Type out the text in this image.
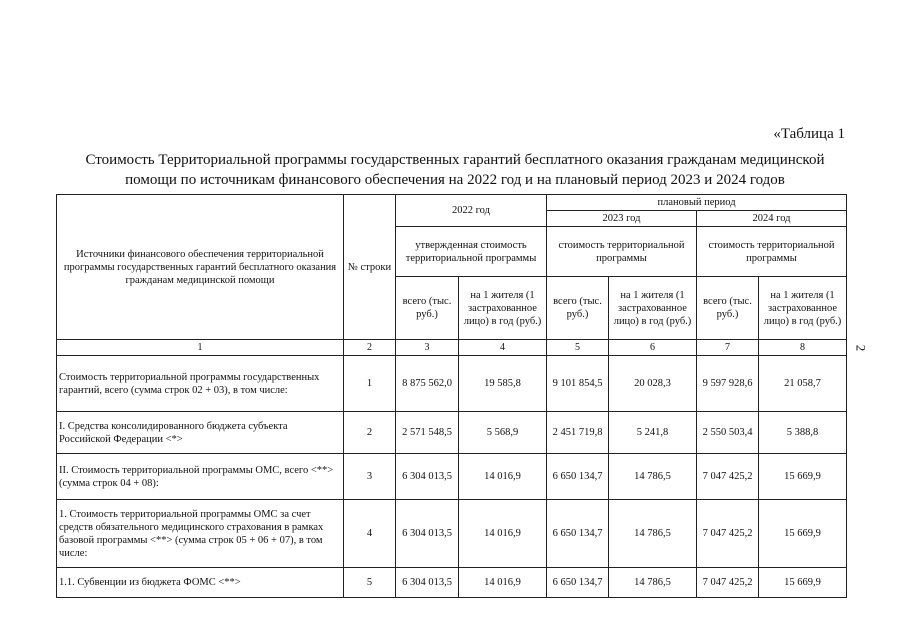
«Таблица 1
Стоимость Территориальной программы государственных гарантий бесплатного оказания гражданам медицинской
помощи по источникам финансового обеспечения на 2022 год и на плановый период 2023 и 2024 годов
2
Источники финансового обеспечения территориальной программы государственных гарантий бесплатного оказания гражданам медицинской помощи	№ строки	2022 год		плановый период			
				2023 год		2024 год	
		утвержденная стоимость территориальной программы		стоимость территориальной программы		стоимость территориальной программы	
		всего (тыс. руб.)	на 1 жителя (1 застрахованное лицо) в год (руб.)	всего (тыс. руб.)	на 1 жителя (1 застрахованное лицо) в год (руб.)	всего (тыс. руб.)	на 1 жителя (1 застрахованное лицо) в год (руб.)
1	2	3	4	5	6	7	8
Стоимость территориальной программы государственных гарантий, всего (сумма строк 02 + 03), в том числе:	1	8 875 562,0	19 585,8	9 101 854,5	20 028,3	9 597 928,6	21 058,7
I. Средства консолидированного бюджета субъекта Российской Федерации <*>	2	2 571 548,5	5 568,9	2 451 719,8	5 241,8	2 550 503,4	5 388,8
II. Стоимость территориальной программы ОМС, всего <**> (сумма строк 04 + 08):	3	6 304 013,5	14 016,9	6 650 134,7	14 786,5	7 047 425,2	15 669,9
1. Стоимость территориальной программы ОМС за счет средств обязательного медицинского страхования в рамках базовой программы <**> (сумма строк 05 + 06 + 07), в том числе:	4	6 304 013,5	14 016,9	6 650 134,7	14 786,5	7 047 425,2	15 669,9
1.1. Субвенции из бюджета ФОМС <**>	5	6 304 013,5	14 016,9	6 650 134,7	14 786,5	7 047 425,2	15 669,9
